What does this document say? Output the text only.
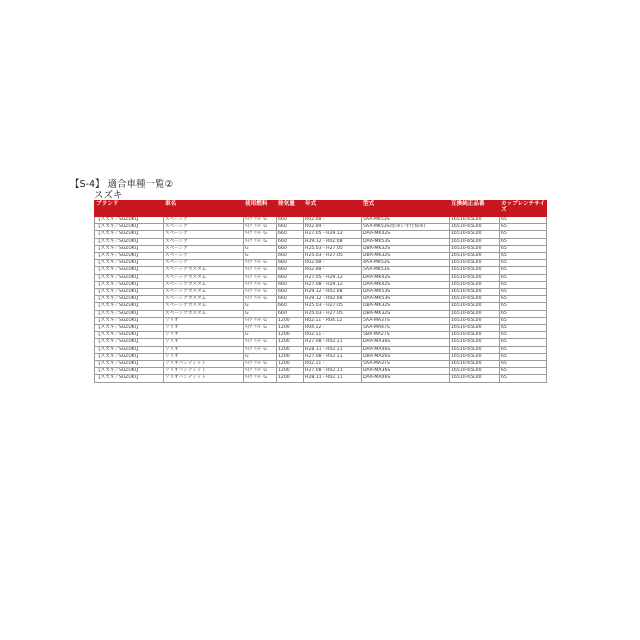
【S-4】 適合車種一覧②
スズキ
ブランド	車名	使用燃料	排気量	年式	型式	互換純正品番	カップレンチサイズ
【スズキ／SUZUKI】	スペーシア	ﾊｲﾌﾞﾘｯﾄﾞG	660	R02.08 -	5AA-MK53S	16510-65L00	65
【スズキ／SUZUKI】	スペーシア	ﾊｲﾌﾞﾘｯﾄﾞG	660	R02.09 -	5AA-MK53S改(車いす仕様車)	16510-65L00	65
【スズキ／SUZUKI】	スペーシア	ﾊｲﾌﾞﾘｯﾄﾞG	660	H27.05 - H29.12	DAA-MK42S	16510-65L00	65
【スズキ／SUZUKI】	スペーシア	ﾊｲﾌﾞﾘｯﾄﾞG	660	H29.12 - R02.08	DAA-MK53S	16510-65L00	65
【スズキ／SUZUKI】	スペーシア	G	660	H25.03 - H27.05	DBA-MK32S	16510-65L00	65
【スズキ／SUZUKI】	スペーシア	G	660	H25.03 - H27.05	DBA-MK32S	16510-65L00	65
【スズキ／SUZUKI】	スペーシア	ﾊｲﾌﾞﾘｯﾄﾞG	660	R02.08 -	4AA-MK53S	16510-65L00	65
【スズキ／SUZUKI】	スペーシアカスタム	ﾊｲﾌﾞﾘｯﾄﾞG	660	R02.08 -	5AA-MK53S	16510-65L00	65
【スズキ／SUZUKI】	スペーシアカスタム	ﾊｲﾌﾞﾘｯﾄﾞG	660	H27.05 - H29.12	DAA-MK42S	16510-65L00	65
【スズキ／SUZUKI】	スペーシアカスタム	ﾊｲﾌﾞﾘｯﾄﾞG	660	H27.08 - H29.12	DAA-MK42S	16510-65L00	65
【スズキ／SUZUKI】	スペーシアカスタム	ﾊｲﾌﾞﾘｯﾄﾞG	660	H29.12 - R02.08	DAA-MK53S	16510-65L00	65
【スズキ／SUZUKI】	スペーシアカスタム	ﾊｲﾌﾞﾘｯﾄﾞG	660	H29.12 - R02.08	DAA-MK53S	16510-65L00	65
【スズキ／SUZUKI】	スペーシアカスタム	G	660	H25.03 - H27.05	DBA-MK32S	16510-65L00	65
【スズキ／SUZUKI】	スペーシアカスタム	G	660	H25.03 - H27.05	DBA-MK32S	16510-65L00	65
【スズキ／SUZUKI】	ソリオ	ﾊｲﾌﾞﾘｯﾄﾞG	1200	R02.11 - R04.12	5AA-MA37S	16510-65L00	65
【スズキ／SUZUKI】	ソリオ	ﾊｲﾌﾞﾘｯﾄﾞG	1200	R04.12 -	5AA-MA47S	16510-65L00	65
【スズキ／SUZUKI】	ソリオ	G	1200	R02.11 -	5BA-MA27S	16510-65L00	65
【スズキ／SUZUKI】	ソリオ	ﾊｲﾌﾞﾘｯﾄﾞG	1200	H27.08 - R02.11	DAA-MA36S	16510-65L00	65
【スズキ／SUZUKI】	ソリオ	ﾊｲﾌﾞﾘｯﾄﾞG	1200	H28.11 - R02.11	DAA-MA46S	16510-65L00	65
【スズキ／SUZUKI】	ソリオ	G	1200	H27.08 - R02.11	DBA-MA26S	16510-65L00	65
【スズキ／SUZUKI】	ソリオバンディット	ﾊｲﾌﾞﾘｯﾄﾞG	1200	R02.11 -	5AA-MA37S	16510-65L00	65
【スズキ／SUZUKI】	ソリオバンディット	ﾊｲﾌﾞﾘｯﾄﾞG	1200	H27.08 - R02.11	DAA-MA36S	16510-65L00	65
【スズキ／SUZUKI】	ソリオバンディット	ﾊｲﾌﾞﾘｯﾄﾞG	1200	H28.11 - R02.11	DAA-MA46S	16510-65L00	65
